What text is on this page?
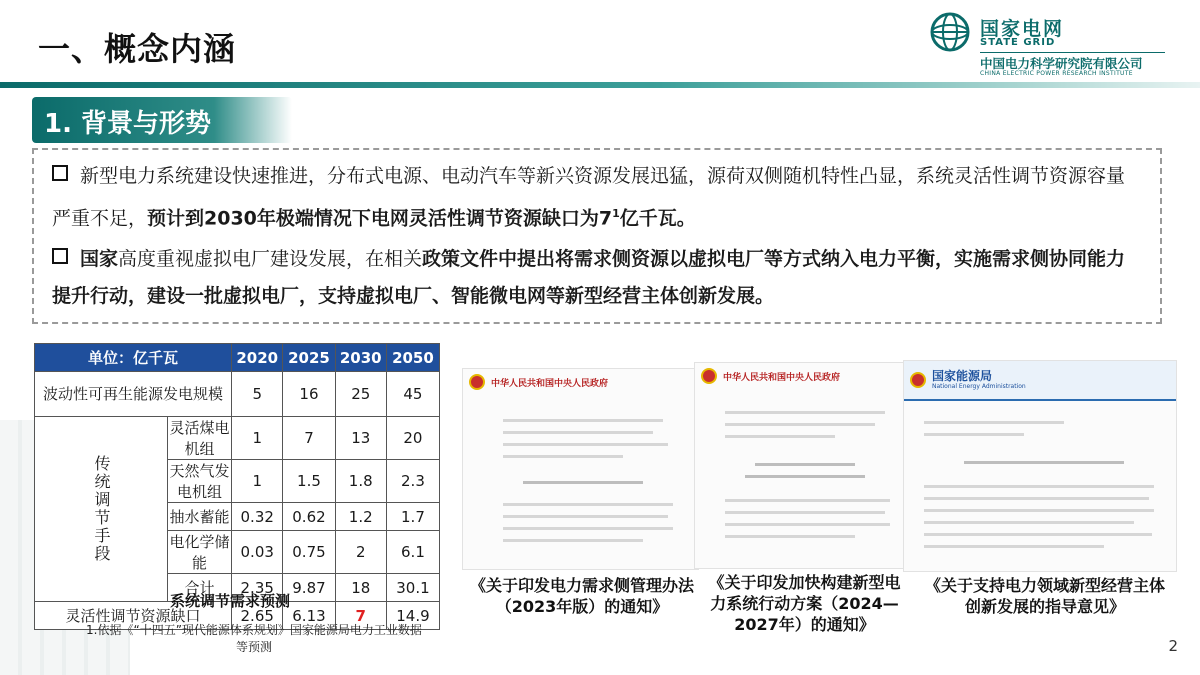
一、概念内涵
国家电网
STATE GRID
中国电力科学研究院有限公司
CHINA ELECTRIC POWER RESEARCH INSTITUTE
1. 背景与形势
新型电力系统建设快速推进，分布式电源、电动汽车等新兴资源发展迅猛，源荷双侧随机特性凸显，系统灵活性调节资源容量严重不足，预计到2030年极端情况下电网灵活性调节资源缺口为$7^1$亿千瓦。
国家高度重视虚拟电厂建设发展，在相关政策文件中提出将需求侧资源以虚拟电厂等方式纳入电力平衡，实施需求侧协同能力提升行动，建设一批虚拟电厂，支持虚拟电厂、智能微电网等新型经营主体创新发展。
单位：亿千瓦		2020	2025	2030	2050
波动性可再生能源发电规模		5	16	25	45
传统调节手段	灵活煤电机组	1	7	13	20
	天然气发电机组	1	1.5	1.8	2.3
	抽水蓄能	0.32	0.62	1.2	1.7
	电化学储能	0.03	0.75	2	6.1
	合计	2.35	9.87	18	30.1
灵活性调节资源缺口		2.65	6.13	7	14.9
系统调节需求预测
1.依据《“十四五”现代能源体系规划》国家能源局电力工业数据等预测
中华人民共和国中央人民政府
中华人民共和国中央人民政府	国家能源局
National Energy Administration
《关于印发电力需求侧管理办法（2023年版）的通知》
《关于印发加快构建新型电力系统行动方案（2024—2027年）的通知》
《关于支持电力领域新型经营主体创新发展的指导意见》
2
